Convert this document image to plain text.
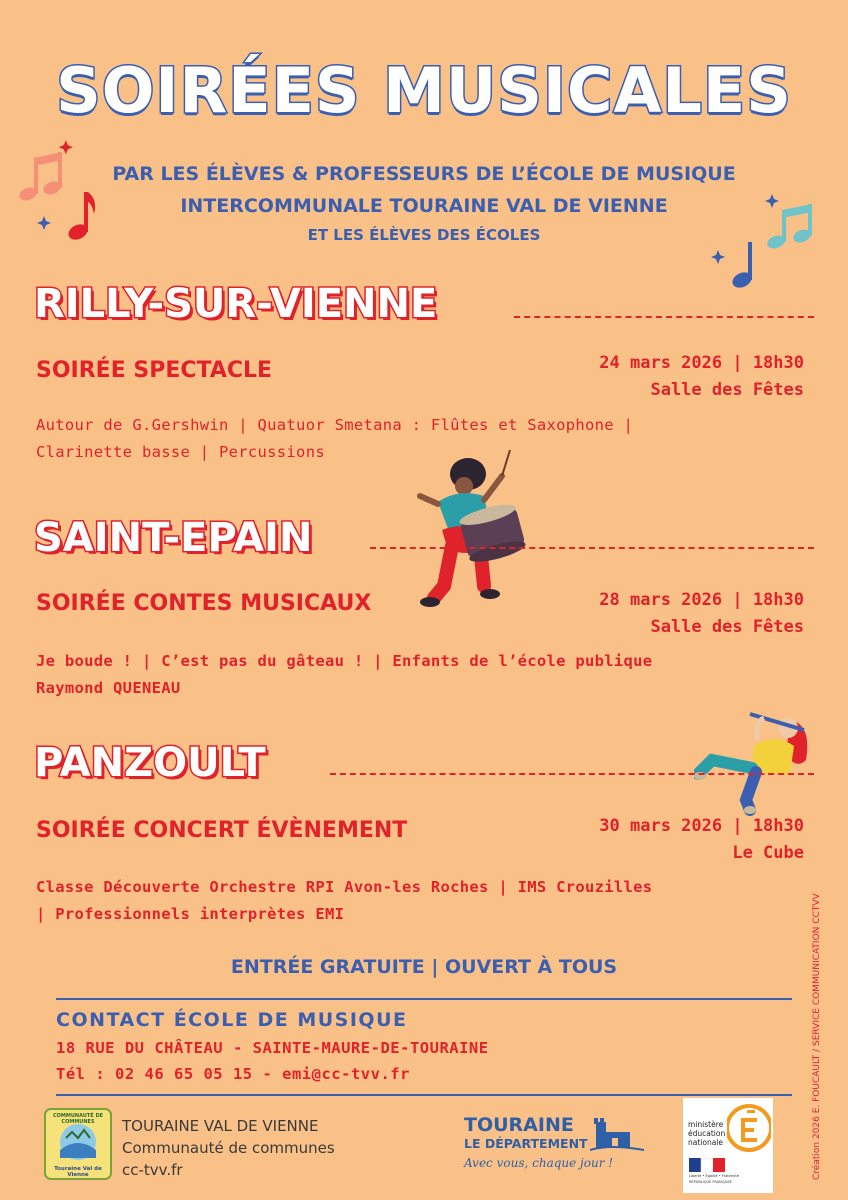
SOIRÉES MUSICALES
PAR LES ÉLÈVES & PROFESSEURS DE L’ÉCOLE DE MUSIQUE
INTERCOMMUNALE TOURAINE VAL DE VIENNE
ET LES ÉLÈVES DES ÉCOLES
RILLY-SUR-VIENNE
SOIRÉE SPECTACLE	24 mars 2026 | 18h30
Salle des Fêtes
Autour de G.Gershwin | Quatuor Smetana : Flûtes et Saxophone |
Clarinette basse | Percussions
SAINT-EPAIN
SOIRÉE CONTES MUSICAUX	28 mars 2026 | 18h30
Salle des Fêtes
Je boude ! | C’est pas du gâteau ! | Enfants de l’école publique
Raymond QUENEAU
PANZOULT
SOIRÉE CONCERT ÉVÈNEMENT	30 mars 2026 | 18h30
Le Cube
Classe Découverte Orchestre RPI Avon-les Roches | IMS Crouzilles
| Professionnels interprètes EMI
ENTRÉE GRATUITE | OUVERT À TOUS
CONTACT ÉCOLE DE MUSIQUE
18 RUE DU CHÂTEAU - SAINTE-MAURE-DE-TOURAINE
Tél : 02 46 65 05 15 - emi@cc-tvv.fr
COMMUNAUTÉ DE COMMUNES
Touraine Val de Vienne
TOURAINE VAL DE VIENNE
Communauté de communes
cc-tvv.fr
TOURAINE
LE DÉPARTEMENT
Avec vous, chaque jour !
ministère
éducation
nationale
Liberté • Égalité • Fraternité
RÉPUBLIQUE FRANÇAISE
Création 2026 E. FOUCAULT / SERVICE COMMUNICATION CCTVV
